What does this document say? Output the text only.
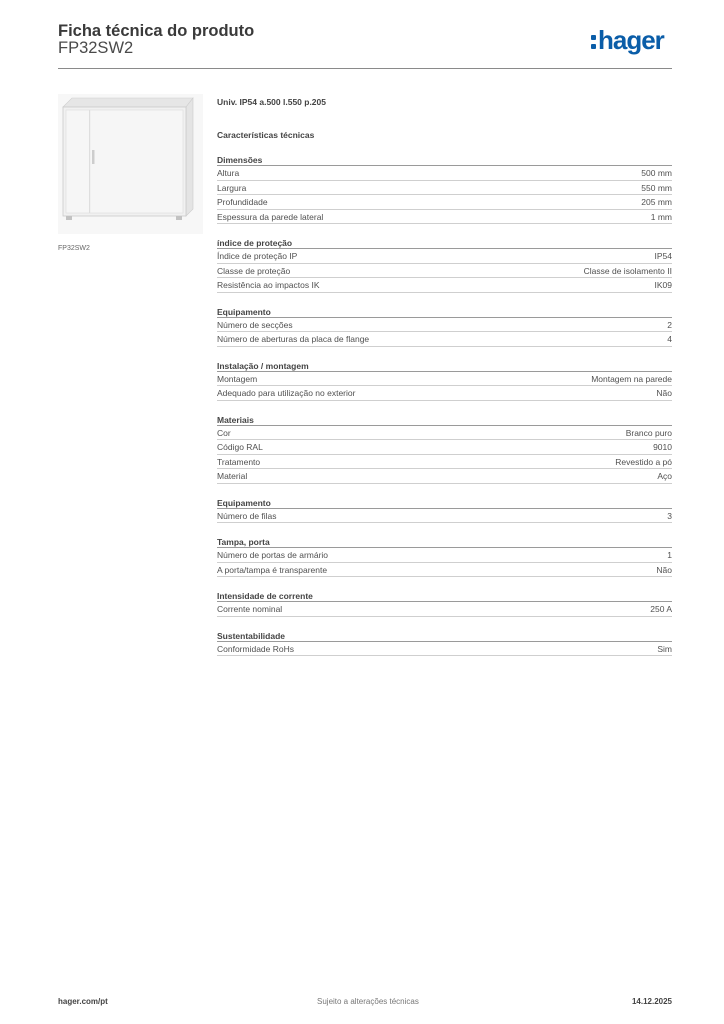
Ficha técnica do produto
FP32SW2	hager
FP32SW2
Univ. IP54 a.500 l.550 p.205
Características técnicas
Dimensões
Altura	500 mm
Largura	550 mm
Profundidade	205 mm
Espessura da parede lateral	1 mm
índice de proteção
Índice de proteção IP	IP54
Classe de proteção	Classe de isolamento II
Resistência ao impactos IK	IK09
Equipamento
Número de secções	2
Número de aberturas da placa de flange	4
Instalação / montagem
Montagem	Montagem na parede
Adequado para utilização no exterior	Não
Materiais
Cor	Branco puro
Código RAL	9010
Tratamento	Revestido a pó
Material	Aço
Equipamento
Número de filas	3
Tampa, porta
Número de portas de armário	1
A porta/tampa é transparente	Não
Intensidade de corrente
Corrente nominal	250 A
Sustentabilidade
Conformidade RoHs	Sim
hager.com/pt	Sujeito a alterações técnicas	14.12.2025
